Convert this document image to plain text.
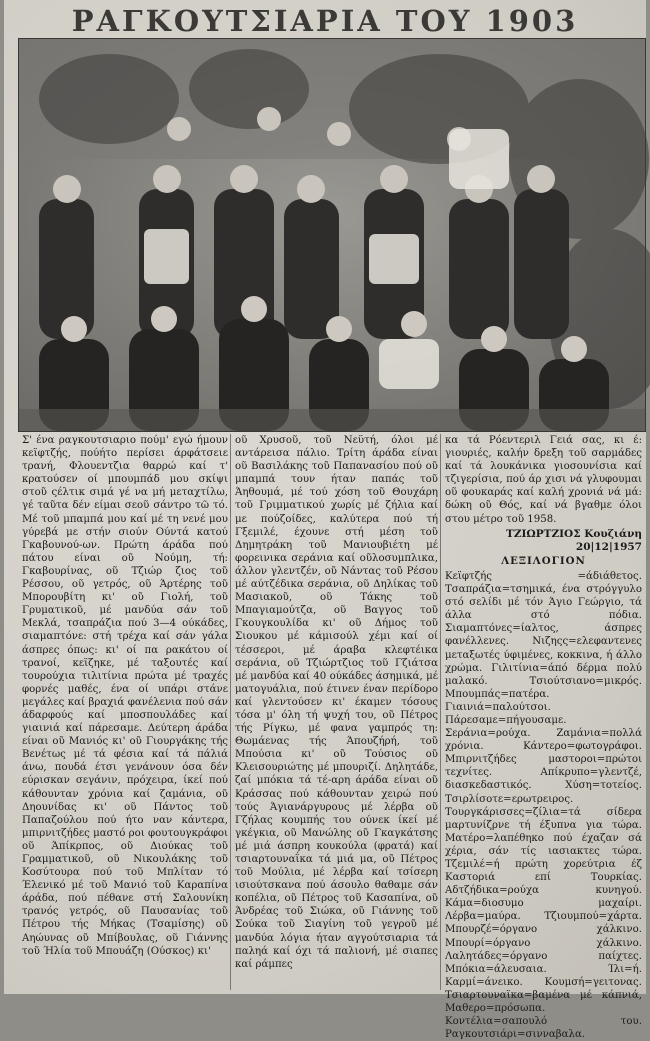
ΡΑΓΚΟΥΤΣΙΑΡΙΑ ΤΟΥ 1903

Σ' ένα ραγκουτσιαριο πούμ' εγώ ήμουν κεϊφτζής, πούήτο περίσει άρφάτσειε τρανή, Φλουεντζια θαρρώ καί τ' κρατούσεν οί μπουμπάδ μου σκίψι στοῦ ςέλτικ σιμά γέ να μή μεταχτίλω, γέ ταῦτα δέν είμαι σεοῦ σάντρο τῶ τό. Μέ τοῦ μπαμπά μου καί μέ τη νενέ μου γύρεβά με στήν σιούν Ούντά κατού Γκαβουνού-ων. Πρώτη άράδα πού πάτου είναι οῦ Νούμη, τή: Γκαβουρίνας, οῦ Τζιώρ ζιος τοῦ Ρέσσου, οῦ γετρός, οῦ Άρτέρης τοῦ Μπορουβίτη κι' οῦ Γιολή, τοῦ Γρυματικοῦ, μέ μανδύα σάν τοῦ Μεκλά, τσαπράζια πού 3—4 ούκάδες, σιαμαπτόνε: στή τρέχα καί σάν γάλα άσπρες όπως: κι' οί πα ρακάτου οί τρανοί, κεϊζηκε, μέ ταξουτές καί τουρούχια τιλιτίνια πρώτα μέ τραχές φορνές μαθές, ένα οί υπάρι στάνε μεγάλες καί βραχιά φανέλενια πού σάν άδαρφούς καί μποσπουλάδες καί γιαινιά καί πάρεσαμε. Δεύτερη άράδα είναι οῦ Μανιός κι' οῦ Γιουργάκης τής Βενέτως μέ τά φέσια καί τά πάλιά άνω, πουδά έτσι γενάνουν όσα δέν εύρισκαν σεγάνιν, πρόχειρα, ίκεί πού κάθουνταν χρόνια καί ζαμάνια, οῦ Δηουνίδας κι' οῦ Πάντος τοῦ Παπαζούλου πού ήτο ναν κάντερα, μπιρνιτζήδες μαστό ροι φουτουγκράφοι οῦ Άπίκρπος, οῦ Διούκας τοῦ Γραμματικοῦ, οῦ Νικουλάκης τοῦ Κοσύτουρα πού τοῦ Μπλίταν τό Έλενικό μέ τοῦ Μανιό τοῦ Καραπίνα άράδα, πού πέθανε στή Σαλουνίκη τρανός γετρός, οῦ Παυσανίας τοῦ Πέτρου τής Μήκας (Τσαμίσης) οῦ Αηώυνας οῦ Μπίβουλας, οῦ Γιάννης τοῦ Ήλία τοῦ Μπουάζη (Ούσκος) κι'

οῦ Χρυσοῦ, τοῦ Νεϋτή, όλοι μέ αντάρεισα πάλιο. Τρίτη άράδα είναι οῦ Βασιλάκης τοῦ Παπανασίου πού οῦ μπαμπά τουν ήταν παπάς τοῦ Άηθουμά, μέ τού χόση τοῦ Θουχάρη τοῦ Γριμματικού χωρίς μέ ζήλια καί με πούζοίδες, καλύτερα πού τή Γξεμιλέ, έχουνε στή μέση τοῦ Δημητράκη τοῦ Μανιουβιέτη μέ φορεινικα σεράνια καί οῦλοσυμπλικα, άλλον γλεντζέν, οῦ Νάντας τοῦ Ρέσου μέ αύτζέδικα σεράνια, οῦ Δηλίκας τοῦ Μασιακοῦ, οῦ Τάκης τοῦ Μπαγιαμούτζα, οῦ Βαγγος τοῦ Γκουγκουλίδα κι' οῦ Δήμος τοῦ Σιουκου μέ κάμισούλ χέμι καί οί τέσσεροι, μέ άραβα κλεφτέικα σεράνια, οῦ Τζιώρτζιος τοῦ Γζιάτσα μέ μανδύα καί 40 ούκάδες άσημικά, μέ ματογυάλια, πού έτινεν έναν περίδορο καί γλεντούσεν κι' έκαμεν τόσους τόσα μ' όλη τή ψυχή του, οῦ Πέτρος τής Ρίγκω, μέ φανα γαμπρός τη: Θωμάενας τής Άπουζήρή, τοῦ Μπούσια κι' οῦ Τούσιος οῦ Κλεισουριώτης μέ μπουριζί. Δηλητάδε, ζαί μπόκια τά τέ-αρη άράδα είναι οῦ Κράσσας πού κάθουνταν χειρώ πού τούς Άγιανάργυρους μέ λέρβα οῦ Γζήλας κουμπής του ούνεκ ίκεί μέ γκέγκια, οῦ Μανώλης οῦ Γκαγκάτσης μέ μιά άσπρη κουκούλα (φρατά) καί τσιαρτουναΐκα τά μιά μα, οῦ Πέτρος τοῦ Μούλια, μέ λέρβα καί τσίσερη ισιούτσκανα πού άσουλο θαθαμε σάν κοπέλια, οῦ Πέτρος τοῦ Κασαπίνα, οῦ Άνδρέας τοῦ Σιώκα, οῦ Γιάννης τοῦ Σούκα τοῦ Σιαγίνη τοῦ γεγροῦ μέ μανδύα λόγια ήταν αγγούτσιαρια τά παληά καί όχι τά παλιονή, μέ σιαπες καί ράμπες

κα τά Ρόεντεριλ Γειά σας, κι έ: γιουριές, καλήν δρεξη τοῦ σαρμάδες καί τά λουκάνικα γιοσουνίσια καί τζιγερίσια, πού άρ χισι νά γλυφουμαι οῦ φουκαράς καί καλή χρονιά νά μά: δώκη οῦ Θός, καί νά βγαθμε όλοι στου μέτρο τοῦ 1958.

ΤΖΙΩΡΤΖΙΟΣ Κουζιάνη 20|12|1957
ΛΕΞΙΛΟΓΙΟΝ

Κεϊφτζής =άδιάθετος. Τσαπράζια=τσημικά, ένα στρόγγυλο στό σελίδι μέ τόν Άγιο Γεώργιο, τά άλλα στό πόδια. Σιαμαπτόνες=ίαλτος, άσπρες φανέλλενες. Νιζηςς=ελεφαντενες μεταξωτές ύφιμένες, κοκκινα, ή άλλο χρώμα. Γιλιτίνια=άπό δέρμα πολύ μαλακό. Τσιούτσιανο=μικρός. Μπουμπάς=πατέρα. Γιαινιά=παλούτσοι. Πάρεσαμε=πήγουσαμε. Σεράνια=ρούχα. Ζαμάνια=πολλά χρόνια. Κάντερο=φωτογράφοι. Μπιρνιτζήδες μαστοροι=πρώτοι τεχνίτες. Απίκρυπο=γλεντζέ, διασκεδαστικός. Χύση=τοτείος. Τσιρλίσοτε=ερωτρειρος. Τουργκάρισσες=ζίλια=τά σίδερα μαρτυνίζρνε τή έξυπνα για τώρα. Ματέρο=λαπέθηκο πού έχαζαν σά χέρια, σάν τίς ιασιακτες τώρα. Τζεμιλέ=ή πρώτη χορεύτρια έζ Καστοριά επί Τουρκίας. Αδτζήδικα=ρούχα κυνηγού. Κάμα=διοσυμο μαχαίρι. Λέρβα=μαύρα. Τζιουμπού=χάρτα. Μπουρζέ=όργανο χάλκινο. Μπουρί=όργανο χάλκινο. Λαλητάδες=όργανο παίχτες. Μπόκια=άλευσαια. Ίλι=ή. Καρμί=άνεικο. Κουμσή=γειτονας. Τσιαρτουναϊκα=βαμένα μέ κάπνιά, Μαθερο=πρόσωπα. Κοντέλια=σαπουλό του. Ραγκουτσιάρι=σινναβαλα.
